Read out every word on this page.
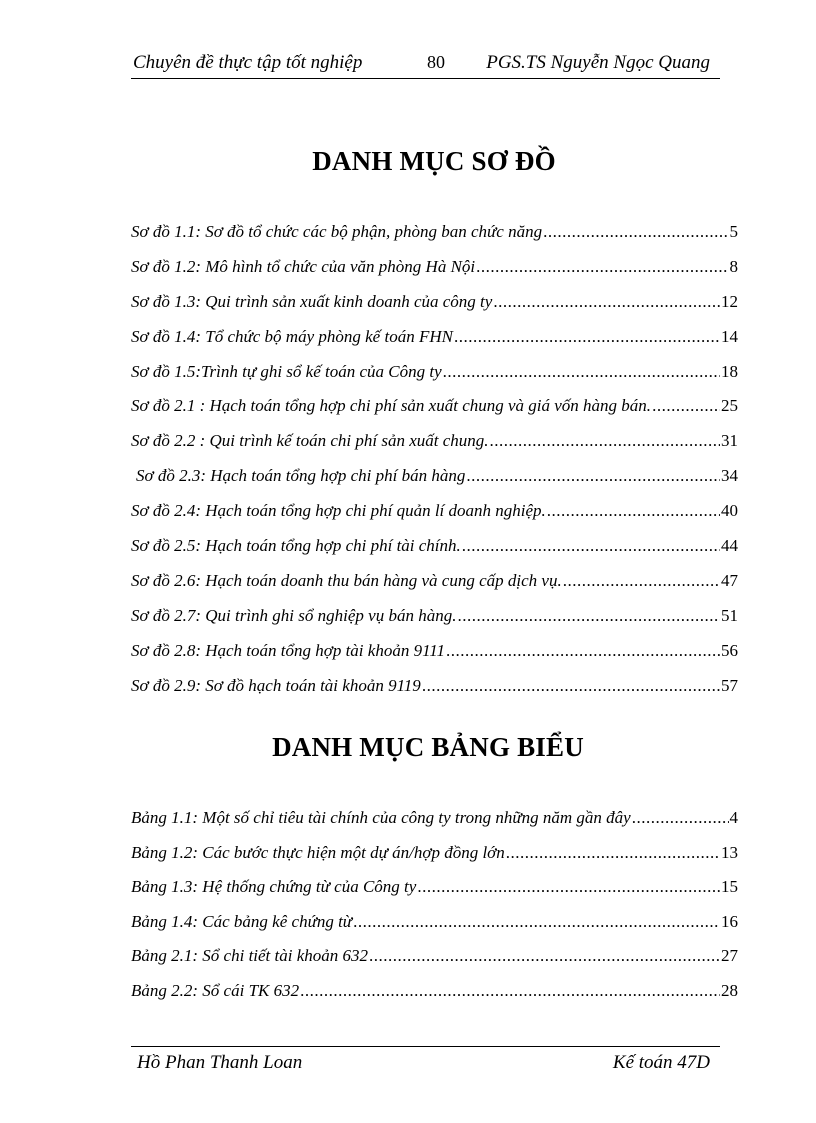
Chuyên đề thực tập tốt nghiệp	80 PGS.TS Nguyễn Ngọc Quang
DANH MỤC SƠ ĐỒ
Sơ đồ 1.1: Sơ đồ tổ chức các bộ phận, phòng ban chức năng .....	5
Sơ đồ 1.2: Mô hình tổ chức của văn phòng Hà Nội .....	8
Sơ đồ 1.3: Qui trình sản xuất kinh doanh của công ty .....	12
Sơ đồ 1.4: Tổ chức bộ máy phòng kế toán FHN .....	14
Sơ đồ 1.5:Trình tự ghi sổ kế toán của Công ty .....	18
Sơ đồ 2.1 : Hạch toán tổng hợp chi phí sản xuất chung và giá vốn hàng bán. .....	25
Sơ đồ 2.2 : Qui trình kế toán chi phí sản xuất chung. .....	31
Sơ đồ 2.3: Hạch toán tổng hợp chi phí bán hàng .....	34
Sơ đồ 2.4: Hạch toán tổng hợp chi phí quản lí doanh nghiệp. .....	40
Sơ đồ 2.5: Hạch toán tổng hợp chi phí tài chính. .....	44
Sơ đồ 2.6: Hạch toán doanh thu bán hàng và cung cấp dịch vụ. .....	47
Sơ đồ 2.7: Qui trình ghi sổ nghiệp vụ bán hàng. .....	51
Sơ đồ 2.8: Hạch toán tổng hợp tài khoản 9111 .....	56
Sơ đồ 2.9: Sơ đồ hạch toán tài khoản 9119 .....	57
DANH MỤC BẢNG BIỂU
Bảng 1.1: Một số chỉ tiêu tài chính của công ty trong những năm gần đây .....	4
Bảng 1.2: Các bước thực hiện một dự án/hợp đồng lớn .....	13
Bảng 1.3: Hệ thống chứng từ của Công ty .....	15
Bảng 1.4: Các bảng kê chứng từ .....	16
Bảng 2.1: Sổ chi tiết tài khoản 632 .....	27
Bảng 2.2: Sổ cái TK 632 .....	28
Hồ Phan Thanh Loan	Kế toán 47D
